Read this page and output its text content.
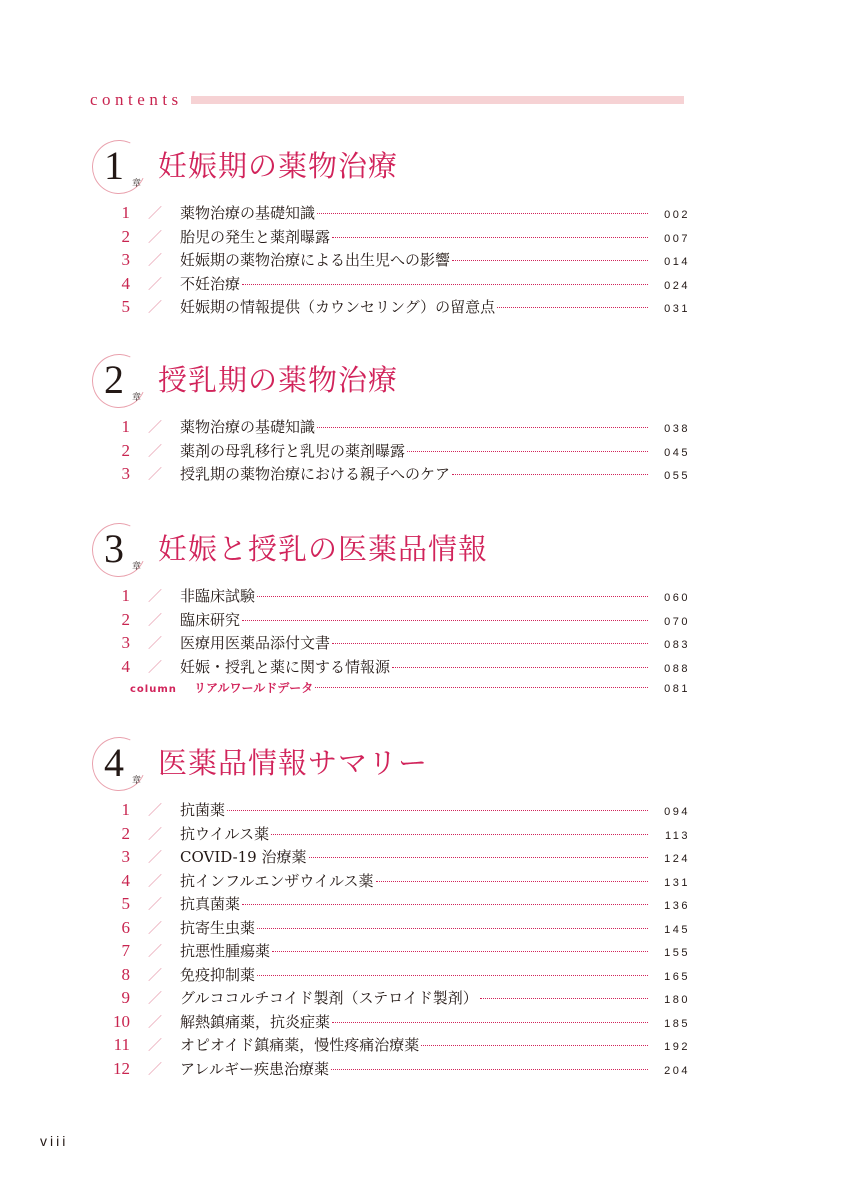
contents
1 章
妊娠期の薬物治療
1	／	薬物治療の基礎知識	002
2	／	胎児の発生と薬剤曝露	007
3	／	妊娠期の薬物治療による出生児への影響	014
4	／	不妊治療	024
5	／	妊娠期の情報提供（カウンセリング）の留意点	031
2 章
授乳期の薬物治療
1	／	薬物治療の基礎知識	038
2	／	薬剤の母乳移行と乳児の薬剤曝露	045
3	／	授乳期の薬物治療における親子へのケア	055
3 章
妊娠と授乳の医薬品情報
1	／	非臨床試験	060
2	／	臨床研究	070
3	／	医療用医薬品添付文書	083
4	／	妊娠・授乳と薬に関する情報源	088
column	リアルワールドデータ	081
4 章
医薬品情報サマリー
1	／	抗菌薬	094
2	／	抗ウイルス薬	113
3	／	COVID-19 治療薬	124
4	／	抗インフルエンザウイルス薬	131
5	／	抗真菌薬	136
6	／	抗寄生虫薬	145
7	／	抗悪性腫瘍薬	155
8	／	免疫抑制薬	165
9	／	グルココルチコイド製剤（ステロイド製剤）	180
10	／	解熱鎮痛薬，抗炎症薬	185
11	／	オピオイド鎮痛薬，慢性疼痛治療薬	192
12	／	アレルギー疾患治療薬	204
viii
